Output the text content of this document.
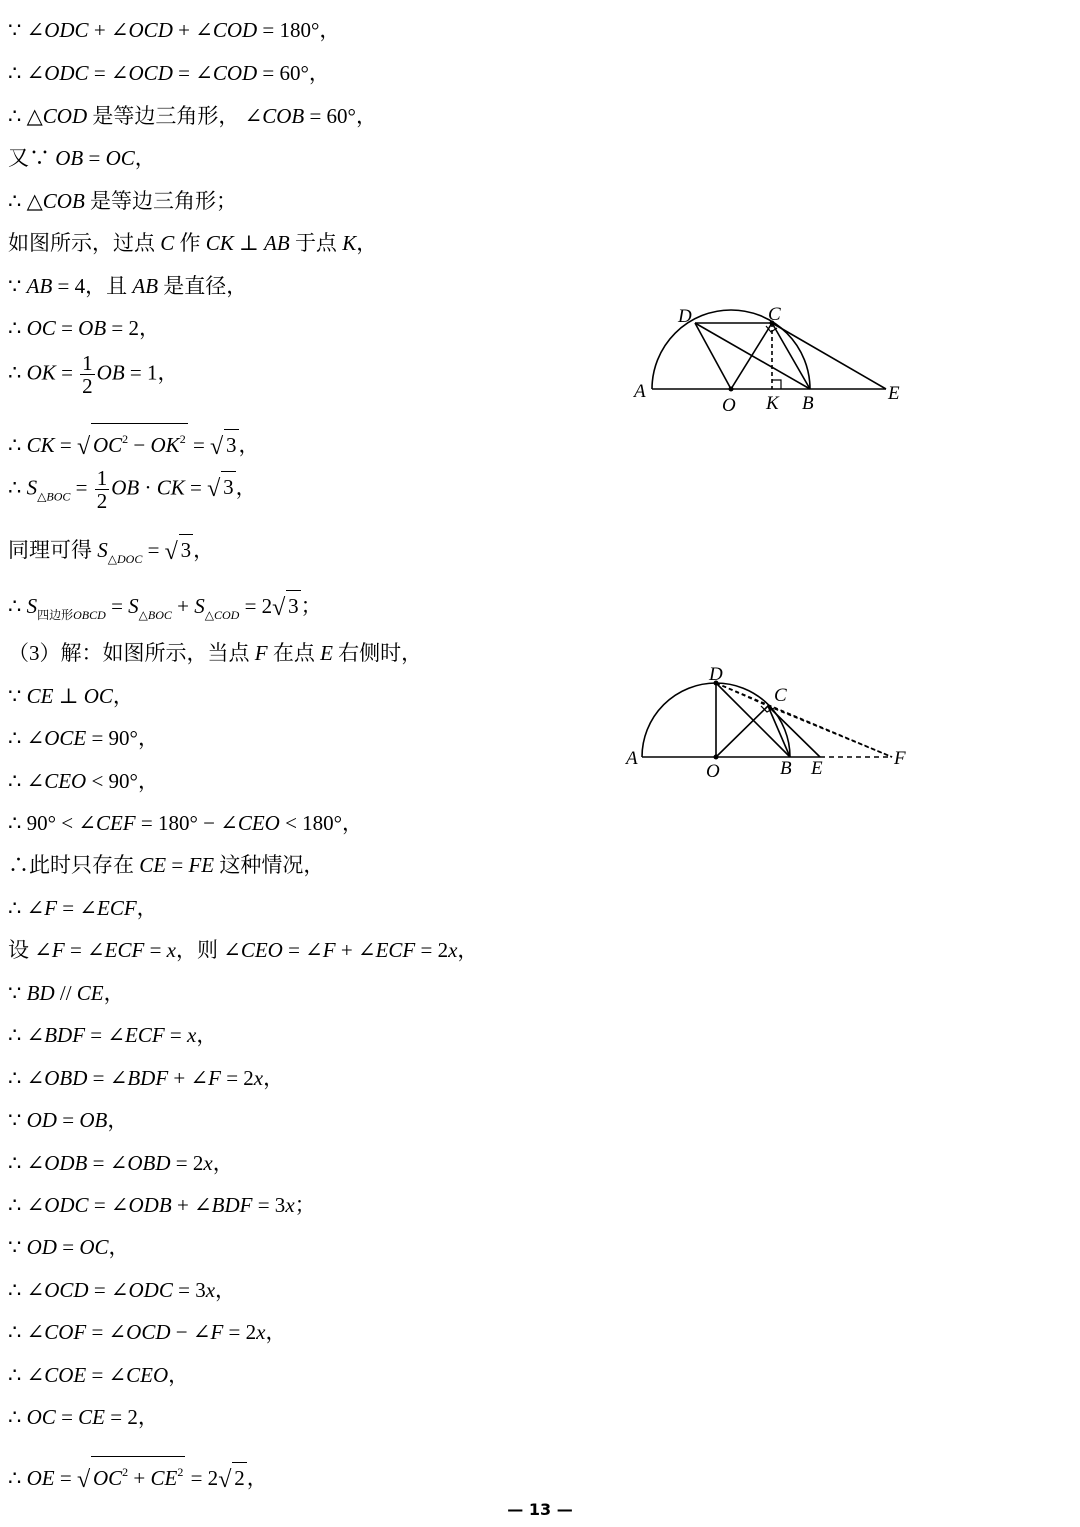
∵ ∠ODC + ∠OCD + ∠COD = 180°，
∴ ∠ODC = ∠OCD = ∠COD = 60°，
∴ △COD 是等边三角形， ∠COB = 60°，
又∵ OB = OC，
∴ △COB 是等边三角形；
如图所示，过点 C 作 CK ⊥ AB 于点 K，
∵ AB = 4，且 AB 是直径，
∴ OC = OB = 2，
∴ OK = $\frac{1}{2}$ OB = 1，
∴ CK = √ $OC^2 - OK^2$ = √ 3，
∴ $S_{\triangle BOC} = \frac{1}{2}$ OB · CK = √ 3，
同理可得 $S_{\triangle DOC}$ = √ 3，
∴ $S_{四边形OBCD} = S_{\triangle BOC} + S_{\triangle COD} = 2$ √ 3；
（3）解：如图所示，当点 F 在点 E 右侧时，
∵ CE ⊥ OC，
∴ ∠OCE = 90°，
∴ ∠CEO < 90°，
∴ 90° < ∠CEF = 180° − ∠CEO < 180°，
∴此时只存在 CE = FE 这种情况，
∴ ∠F = ∠ECF，
设 ∠F = ∠ECF = x，则 ∠CEO = ∠F + ∠ECF = 2x，
∵ BD // CE，
∴ ∠BDF = ∠ECF = x，
∴ ∠OBD = ∠BDF + ∠F = 2x，
∵ OD = OB，
∴ ∠ODB = ∠OBD = 2x，
∴ ∠ODC = ∠ODB + ∠BDF = 3x；
∵ OD = OC，
∴ ∠OCD = ∠ODC = 3x，
∴ ∠COF = ∠OCD − ∠F = 2x，
∴ ∠COE = ∠CEO，
∴ OC = CE = 2，
∴ OE = √ $OC^2 + CE^2 = 2$ √ 2，
A
O K B	E
D	C
A
O	B E	F
D
C
— 13 —
